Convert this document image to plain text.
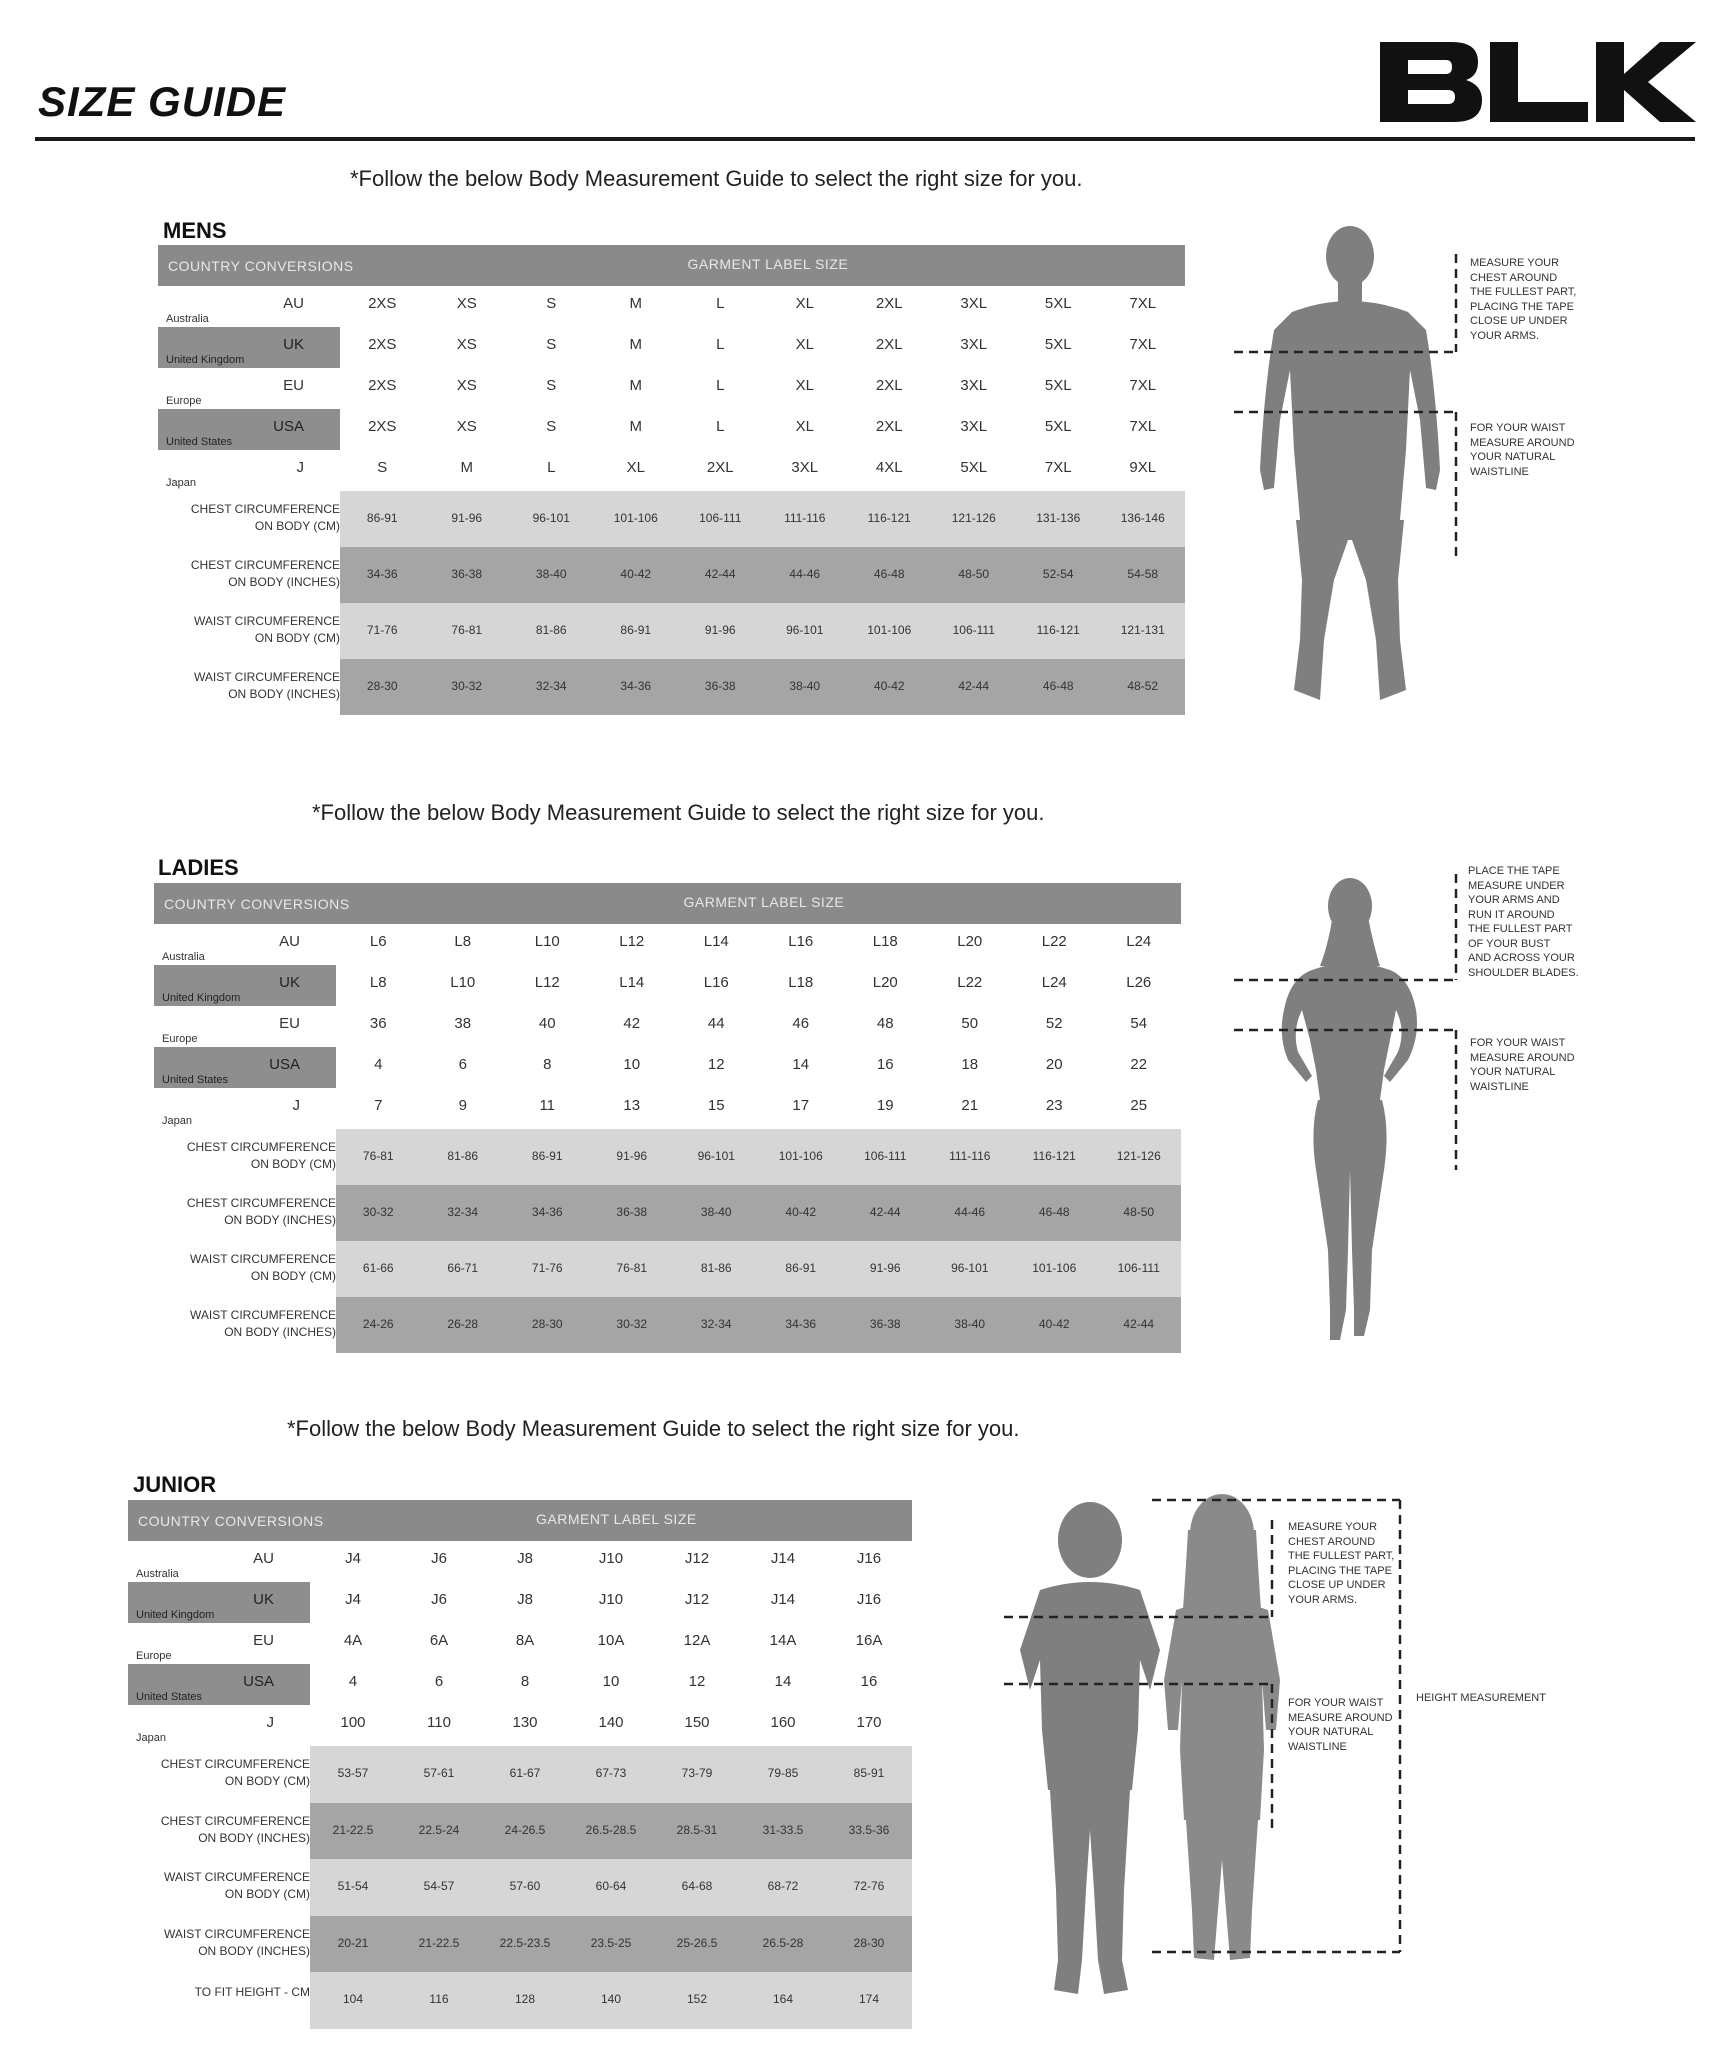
SIZE GUIDE
*Follow the below Body Measurement Guide to select the right size for you.
MENS
COUNTRY CONVERSIONS	GARMENT LABEL SIZE
AU
Australia
2XS	XS	S	M	L	XL	2XL	3XL	5XL	7XL
UK
United Kingdom
2XS	XS	S	M	L	XL	2XL	3XL	5XL	7XL
EU
Europe
2XS	XS	S	M	L	XL	2XL	3XL	5XL	7XL
USA
United States
2XS	XS	S	M	L	XL	2XL	3XL	5XL	7XL
J
Japan
S	M	L	XL	2XL	3XL	4XL	5XL	7XL	9XL
CHEST CIRCUMFERENCE
ON BODY (CM)
86-91	91-96	96-101	101-106	106-111	111-116	116-121	121-126	131-136	136-146
CHEST CIRCUMFERENCE
ON BODY (INCHES)
34-36	36-38	38-40	40-42	42-44	44-46	46-48	48-50	52-54	54-58
WAIST CIRCUMFERENCE
ON BODY (CM)
71-76	76-81	81-86	86-91	91-96	96-101	101-106	106-111	116-121	121-131
WAIST CIRCUMFERENCE
ON BODY (INCHES)
28-30	30-32	32-34	34-36	36-38	38-40	40-42	42-44	46-48	48-52
MEASURE YOUR
CHEST AROUND
THE FULLEST PART,
PLACING THE TAPE
CLOSE UP UNDER
YOUR ARMS.
FOR YOUR WAIST
MEASURE AROUND
YOUR NATURAL
WAISTLINE
*Follow the below Body Measurement Guide to select the right size for you.
LADIES
COUNTRY CONVERSIONS	GARMENT LABEL SIZE
AU
Australia
L6	L8	L10	L12	L14	L16	L18	L20	L22	L24
UK
United Kingdom
L8	L10	L12	L14	L16	L18	L20	L22	L24	L26
EU
Europe
36	38	40	42	44	46	48	50	52	54
USA
United States
4	6	8	10	12	14	16	18	20	22
J
Japan
7	9	11	13	15	17	19	21	23	25
CHEST CIRCUMFERENCE
ON BODY (CM)
76-81	81-86	86-91	91-96	96-101	101-106	106-111	111-116	116-121	121-126
CHEST CIRCUMFERENCE
ON BODY (INCHES)
30-32	32-34	34-36	36-38	38-40	40-42	42-44	44-46	46-48	48-50
WAIST CIRCUMFERENCE
ON BODY (CM)
61-66	66-71	71-76	76-81	81-86	86-91	91-96	96-101	101-106	106-111
WAIST CIRCUMFERENCE
ON BODY (INCHES)
24-26	26-28	28-30	30-32	32-34	34-36	36-38	38-40	40-42	42-44
PLACE THE TAPE
MEASURE UNDER
YOUR ARMS AND
RUN IT AROUND
THE FULLEST PART
OF YOUR BUST
AND ACROSS YOUR
SHOULDER BLADES.
FOR YOUR WAIST
MEASURE AROUND
YOUR NATURAL
WAISTLINE
*Follow the below Body Measurement Guide to select the right size for you.
JUNIOR
COUNTRY CONVERSIONS	GARMENT LABEL SIZE
AU
Australia
J4	J6	J8	J10	J12	J14	J16
UK
United Kingdom
J4	J6	J8	J10	J12	J14	J16
EU
Europe
4A	6A	8A	10A	12A	14A	16A
USA
United States
4	6	8	10	12	14	16
J
Japan
100	110	130	140	150	160	170
CHEST CIRCUMFERENCE
ON BODY (CM)
53-57	57-61	61-67	67-73	73-79	79-85	85-91
CHEST CIRCUMFERENCE
ON BODY (INCHES)
21-22.5	22.5-24	24-26.5	26.5-28.5	28.5-31	31-33.5	33.5-36
WAIST CIRCUMFERENCE
ON BODY (CM)
51-54	54-57	57-60	60-64	64-68	68-72	72-76
WAIST CIRCUMFERENCE
ON BODY (INCHES)
20-21	21-22.5	22.5-23.5	23.5-25	25-26.5	26.5-28	28-30
TO FIT HEIGHT - CM	104	116	128	140	152	164	174
MEASURE YOUR
CHEST AROUND
THE FULLEST PART,
PLACING THE TAPE
CLOSE UP UNDER
YOUR ARMS.
FOR YOUR WAIST
MEASURE AROUND
YOUR NATURAL
WAISTLINE
HEIGHT MEASUREMENT
